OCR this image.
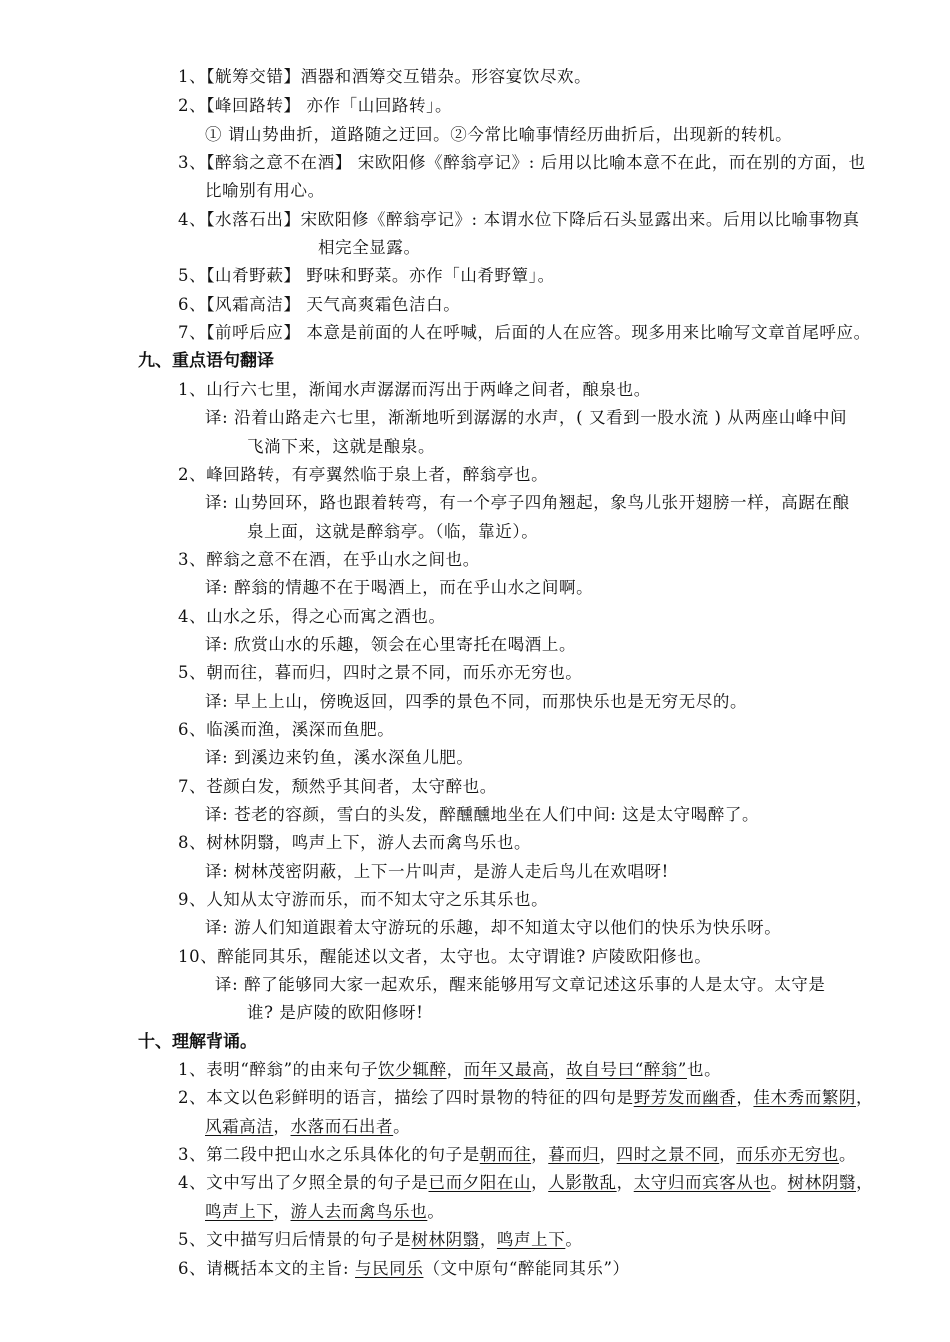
1、【觥筹交错】酒器和酒筹交互错杂。形容宴饮尽欢。
2、【峰回路转】 亦作「山回路转」。
① 谓山势曲折，道路随之迂回。②今常比喻事情经历曲折后，出现新的转机。
3、【醉翁之意不在酒】 宋欧阳修《醉翁亭记》: 后用以比喻本意不在此，而在别的方面，也
比喻别有用心。
4、【水落石出】宋欧阳修《醉翁亭记》: 本谓水位下降后石头显露出来。后用以比喻事物真
相完全显露。
5、【山肴野蔌】 野味和野菜。亦作「山肴野簟」。
6、【风霜高洁】 天气高爽霜色洁白。
7、【前呼后应】 本意是前面的人在呼喊，后面的人在应答。现多用来比喻写文章首尾呼应。
九、重点语句翻译
1、山行六七里，渐闻水声潺潺而泻出于两峰之间者，酿泉也。
译: 沿着山路走六七里，渐渐地听到潺潺的水声，( 又看到一股水流 ) 从两座山峰中间
飞淌下来，这就是酿泉。
2、峰回路转，有亭翼然临于泉上者，醉翁亭也。
译: 山势回环，路也跟着转弯，有一个亭子四角翘起，象鸟儿张开翅膀一样，高踞在酿
泉上面，这就是醉翁亭。（临，靠近）。
3、醉翁之意不在酒，在乎山水之间也。
译: 醉翁的情趣不在于喝酒上，而在乎山水之间啊。
4、山水之乐，得之心而寓之酒也。
译: 欣赏山水的乐趣，领会在心里寄托在喝酒上。
5、朝而往，暮而归，四时之景不同，而乐亦无穷也。
译: 早上上山，傍晚返回，四季的景色不同，而那快乐也是无穷无尽的。
6、临溪而渔，溪深而鱼肥。
译: 到溪边来钓鱼，溪水深鱼儿肥。
7、苍颜白发，颓然乎其间者，太守醉也。
译: 苍老的容颜，雪白的头发，醉醺醺地坐在人们中间: 这是太守喝醉了。
8、树林阴翳，鸣声上下，游人去而禽鸟乐也。
译: 树林茂密阴蔽，上下一片叫声，是游人走后鸟儿在欢唱呀!
9、人知从太守游而乐，而不知太守之乐其乐也。
译: 游人们知道跟着太守游玩的乐趣，却不知道太守以他们的快乐为快乐呀。
10、醉能同其乐，醒能述以文者，太守也。太守谓谁? 庐陵欧阳修也。
译: 醉了能够同大家一起欢乐，醒来能够用写文章记述这乐事的人是太守。太守是
谁? 是庐陵的欧阳修呀!
十、理解背诵。
1、表明“醉翁”的由来句子饮少辄醉，而年又最高，故自号曰“醉翁”也。
2、本文以色彩鲜明的语言，描绘了四时景物的特征的四句是野芳发而幽香，佳木秀而繁阴，
风霜高洁，水落而石出者。
3、第二段中把山水之乐具体化的句子是朝而往，暮而归，四时之景不同，而乐亦无穷也。
4、文中写出了夕照全景的句子是已而夕阳在山，人影散乱，太守归而宾客从也。树林阴翳，
鸣声上下，游人去而禽鸟乐也。
5、文中描写归后情景的句子是树林阴翳，鸣声上下。
6、请概括本文的主旨: 与民同乐（文中原句“醉能同其乐”）
